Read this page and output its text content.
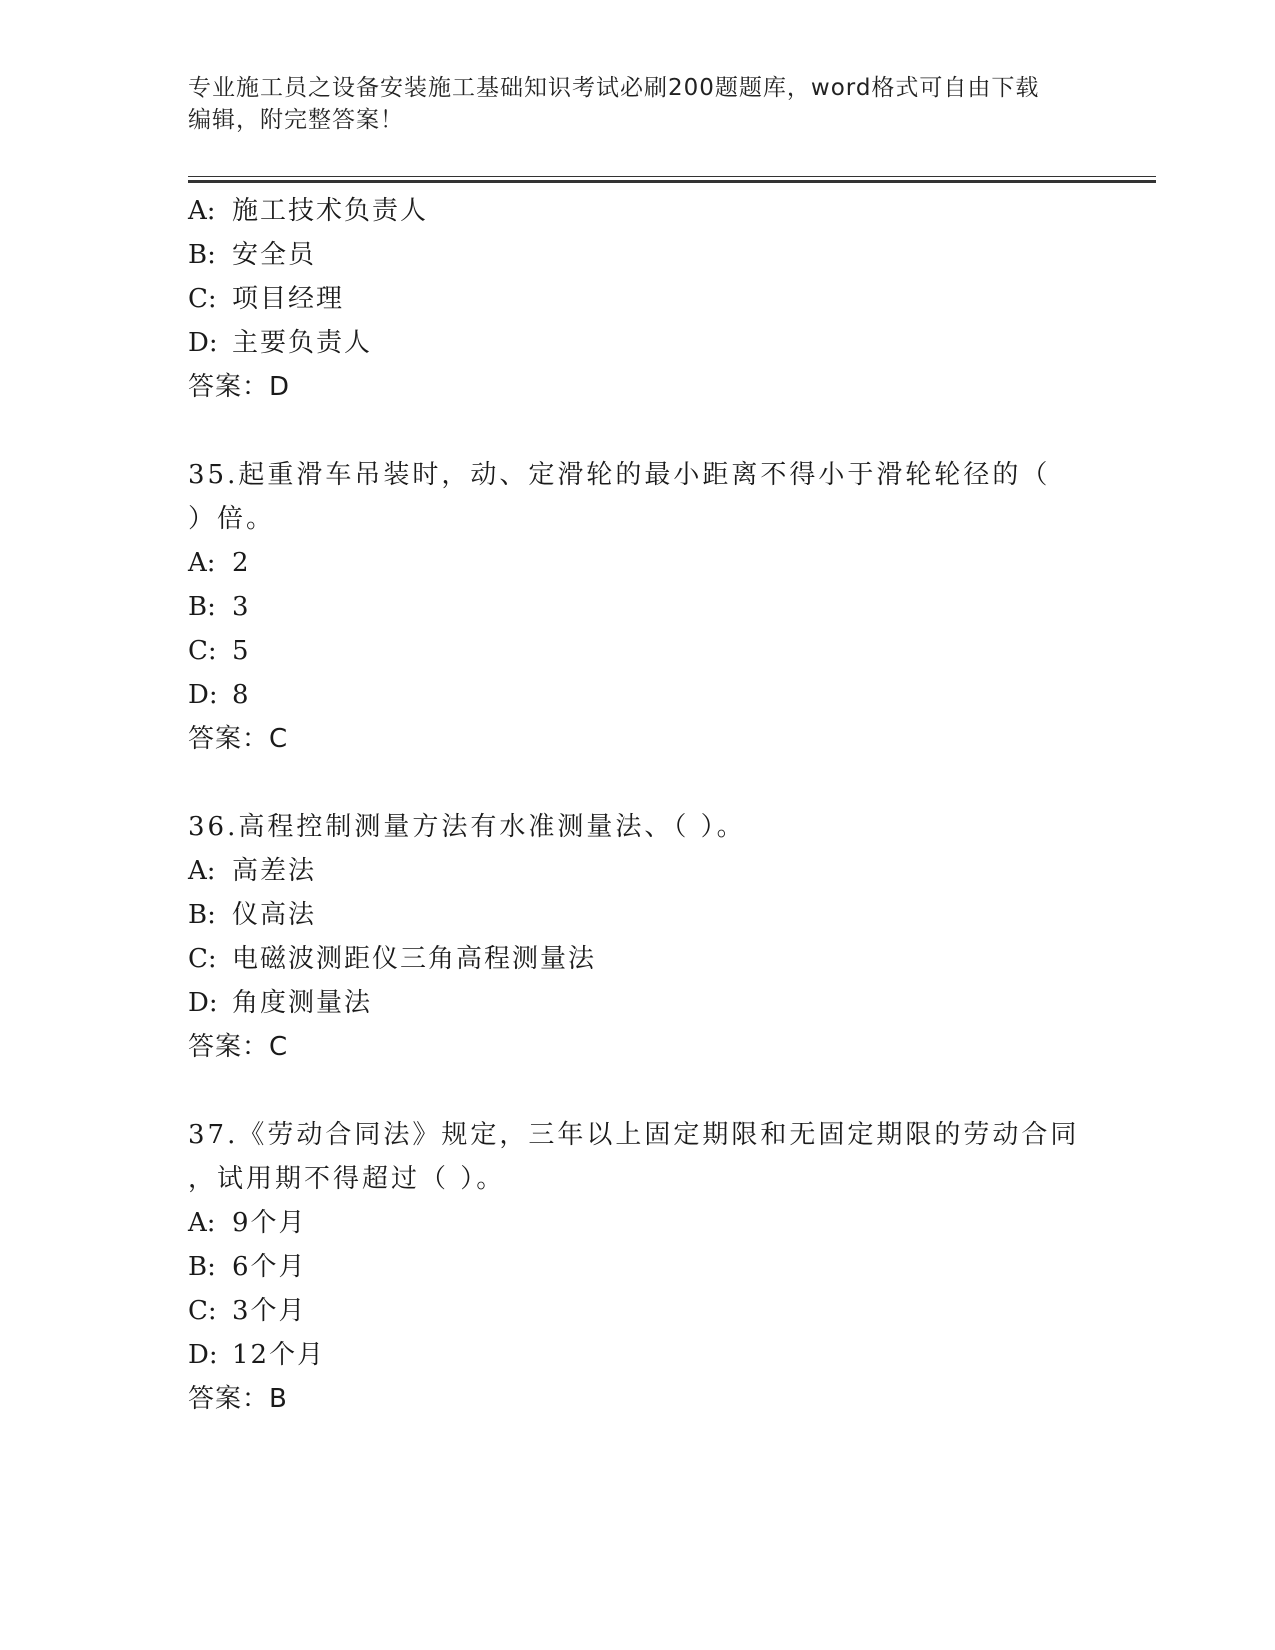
专业施工员之设备安装施工基础知识考试必刷200题题库，word格式可自由下载
编辑，附完整答案！
A: 施工技术负责人
B: 安全员
C: 项目经理
D: 主要负责人
答案：D
35.起重滑车吊装时，动、定滑轮的最小距离不得小于滑轮轮径的（
）倍。
A: 2
B: 3
C: 5
D: 8
答案：C
36.高程控制测量方法有水准测量法、（ ）。
A: 高差法
B: 仪高法
C: 电磁波测距仪三角高程测量法
D: 角度测量法
答案：C
37.《劳动合同法》规定，三年以上固定期限和无固定期限的劳动合同
，试用期不得超过（ ）。
A: 9个月
B: 6个月
C: 3个月
D: 12个月
答案：B
